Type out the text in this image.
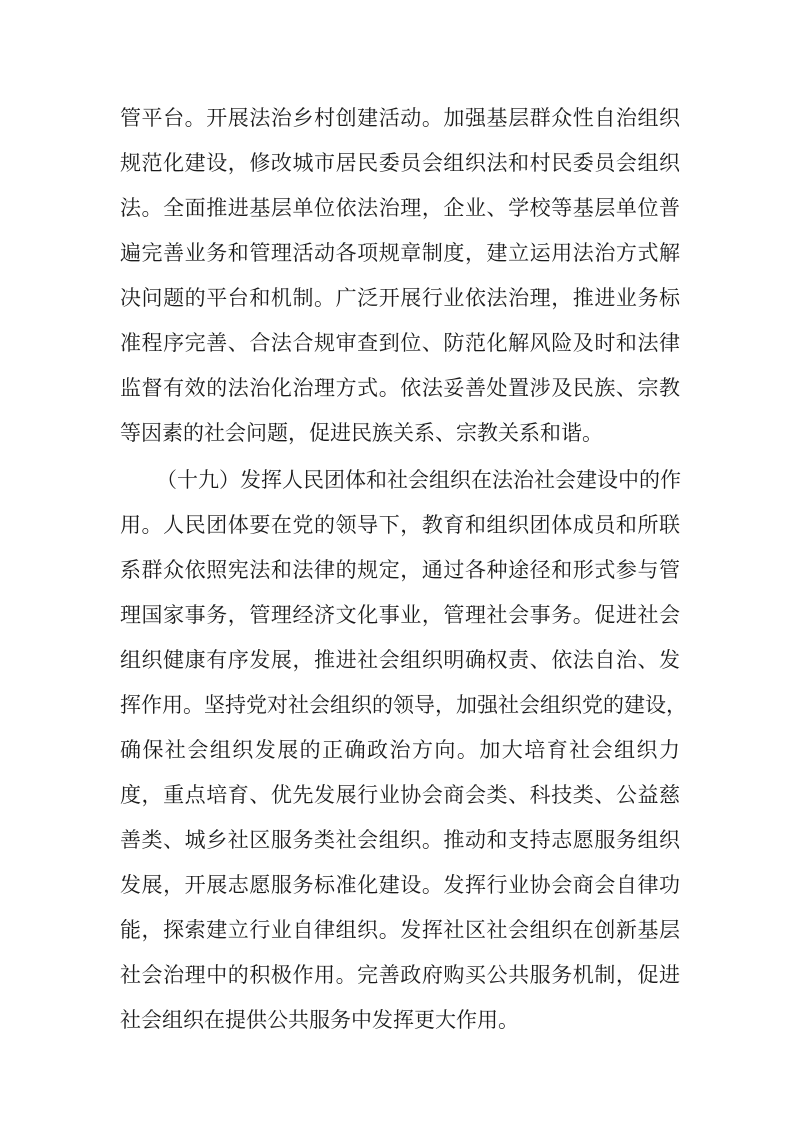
管平台。开展法治乡村创建活动。加强基层群众性自治组织
规范化建设，修改城市居民委员会组织法和村民委员会组织
法。全面推进基层单位依法治理，企业、学校等基层单位普
遍完善业务和管理活动各项规章制度，建立运用法治方式解
决问题的平台和机制。广泛开展行业依法治理，推进业务标
准程序完善、合法合规审查到位、防范化解风险及时和法律
监督有效的法治化治理方式。依法妥善处置涉及民族、宗教
等因素的社会问题，促进民族关系、宗教关系和谐。
（十九）发挥人民团体和社会组织在法治社会建设中的作
用。人民团体要在党的领导下，教育和组织团体成员和所联
系群众依照宪法和法律的规定，通过各种途径和形式参与管
理国家事务，管理经济文化事业，管理社会事务。促进社会
组织健康有序发展，推进社会组织明确权责、依法自治、发
挥作用。坚持党对社会组织的领导，加强社会组织党的建设，
确保社会组织发展的正确政治方向。加大培育社会组织力
度，重点培育、优先发展行业协会商会类、科技类、公益慈
善类、城乡社区服务类社会组织。推动和支持志愿服务组织
发展，开展志愿服务标准化建设。发挥行业协会商会自律功
能，探索建立行业自律组织。发挥社区社会组织在创新基层
社会治理中的积极作用。完善政府购买公共服务机制，促进
社会组织在提供公共服务中发挥更大作用。
